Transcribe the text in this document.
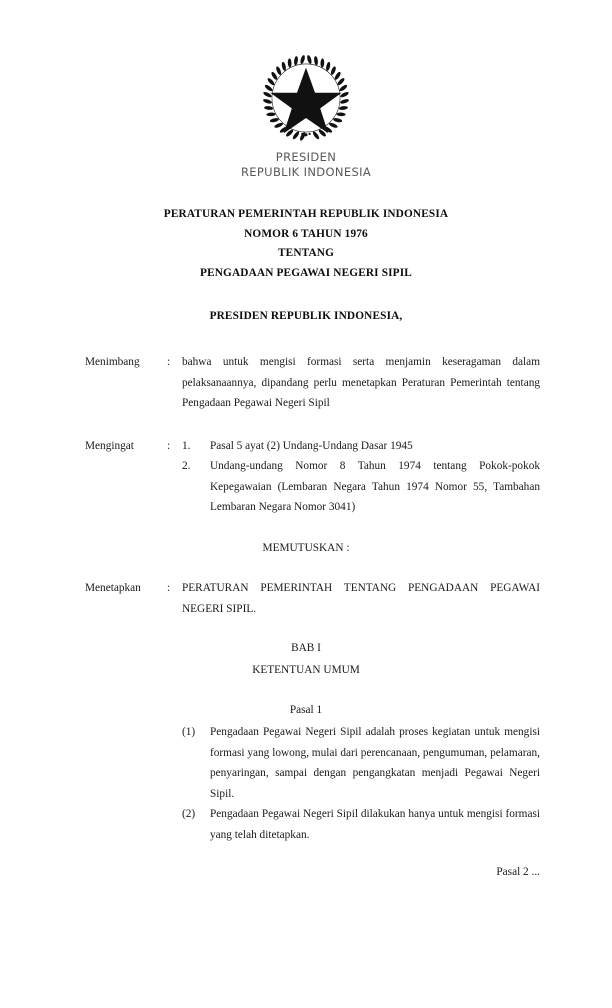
PRESIDEN
REPUBLIK INDONESIA
PERATURAN PEMERINTAH REPUBLIK INDONESIA
NOMOR 6 TAHUN 1976
TENTANG
PENGADAAN PEGAWAI NEGERI SIPIL
PRESIDEN REPUBLIK INDONESIA,
Menimbang	:	bahwa untuk mengisi formasi serta menjamin keseragaman dalam pelaksanaannya, dipandang perlu menetapkan Peraturan Pemerintah tentang Pengadaan Pegawai Negeri Sipil
Mengingat	:	1.	Pasal 5 ayat (2) Undang-Undang Dasar 1945
2.	Undang-undang Nomor 8 Tahun 1974 tentang Pokok-pokok Kepegawaian (Lembaran Negara Tahun 1974 Nomor 55, Tambahan Lembaran Negara Nomor 3041)
MEMUTUSKAN :
Menetapkan	:	PERATURAN PEMERINTAH TENTANG PENGADAAN PEGAWAI NEGERI SIPIL.
BAB I
KETENTUAN UMUM
Pasal 1
(1)	Pengadaan Pegawai Negeri Sipil adalah proses kegiatan untuk mengisi formasi yang lowong, mulai dari perencanaan, pengumuman, pelamaran, penyaringan, sampai dengan pengangkatan menjadi Pegawai Negeri Sipil.
(2)	Pengadaan Pegawai Negeri Sipil dilakukan hanya untuk mengisi formasi yang telah ditetapkan.
Pasal 2 ...
